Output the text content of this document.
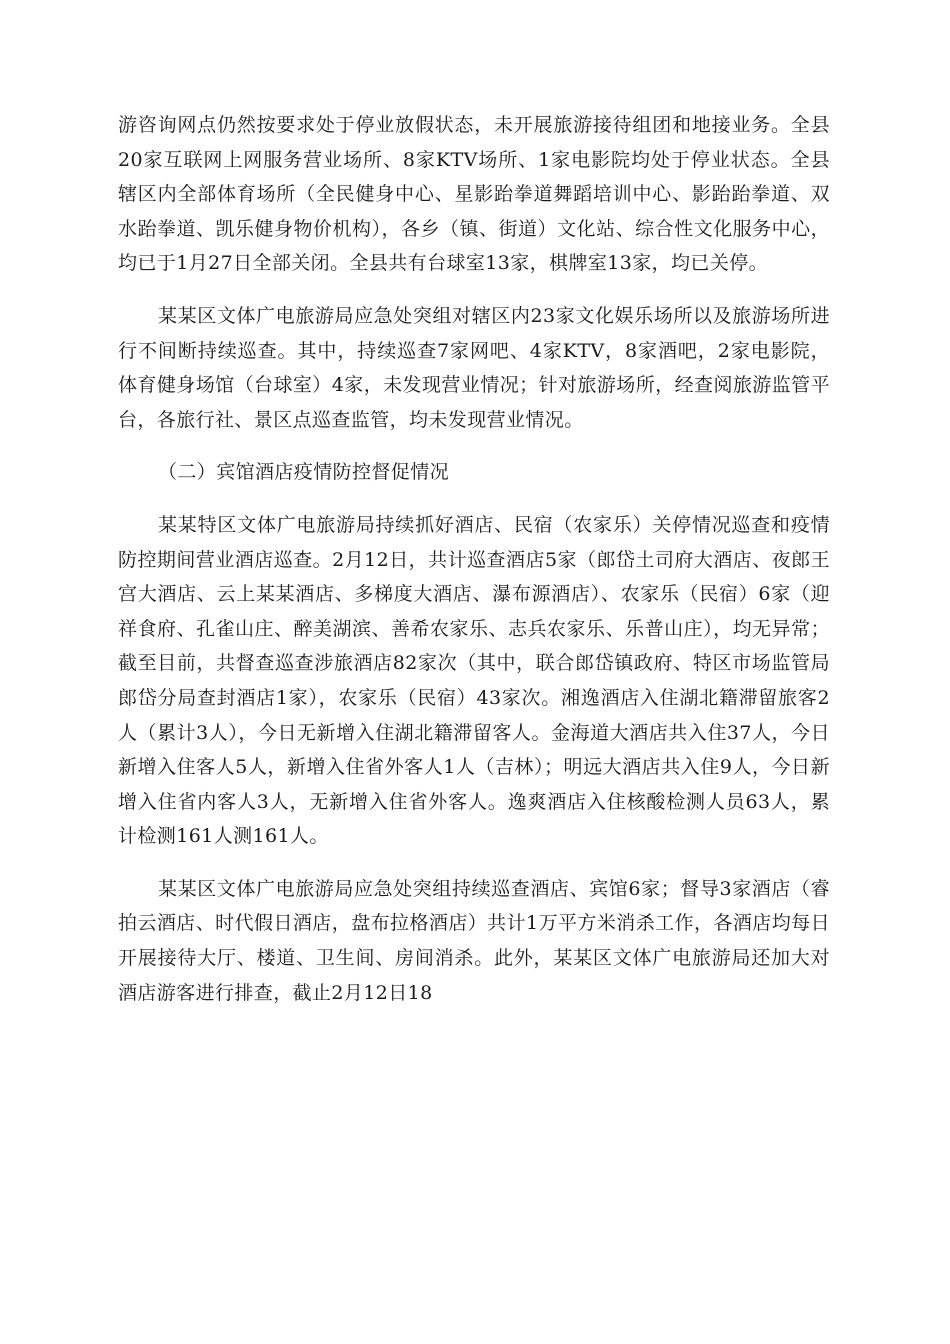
游咨询网点仍然按要求处于停业放假状态，未开展旅游接待组团和地接业务。全县20家互联网上网服务营业场所、8家KTV场所、1家电影院均处于停业状态。全县辖区内全部体育场所（全民健身中心、星影跆拳道舞蹈培训中心、影跆跆拳道、双水跆拳道、凯乐健身物价机构），各乡（镇、街道）文化站、综合性文化服务中心，均已于1月27日全部关闭。全县共有台球室13家，棋牌室13家，均已关停。

某某区文体广电旅游局应急处突组对辖区内23家文化娱乐场所以及旅游场所进行不间断持续巡查。其中，持续巡查7家网吧、4家KTV，8家酒吧，2家电影院，体育健身场馆（台球室）4家，未发现营业情况；针对旅游场所，经查阅旅游监管平台，各旅行社、景区点巡查监管，均未发现营业情况。

（二）宾馆酒店疫情防控督促情况

某某特区文体广电旅游局持续抓好酒店、民宿（农家乐）关停情况巡查和疫情防控期间营业酒店巡查。2月12日，共计巡查酒店5家（郎岱土司府大酒店、夜郎王宫大酒店、云上某某酒店、多梯度大酒店、瀑布源酒店）、农家乐（民宿）6家（迎祥食府、孔雀山庄、醉美湖滨、善希农家乐、志兵农家乐、乐普山庄），均无异常；截至目前，共督查巡查涉旅酒店82家次（其中，联合郎岱镇政府、特区市场监管局郎岱分局查封酒店1家），农家乐（民宿）43家次。湘逸酒店入住湖北籍滞留旅客2人（累计3人），今日无新增入住湖北籍滞留客人。金海道大酒店共入住37人，今日新增入住客人5人，新增入住省外客人1人（吉林）；明远大酒店共入住9人，今日新增入住省内客人3人，无新增入住省外客人。逸爽酒店入住核酸检测人员63人，累计检测161人测161人。

某某区文体广电旅游局应急处突组持续巡查酒店、宾馆6家；督导3家酒店（睿拍云酒店、时代假日酒店，盘布拉格酒店）共计1万平方米消杀工作，各酒店均每日开展接待大厅、楼道、卫生间、房间消杀。此外，某某区文体广电旅游局还加大对酒店游客进行排查，截止2月12日18
